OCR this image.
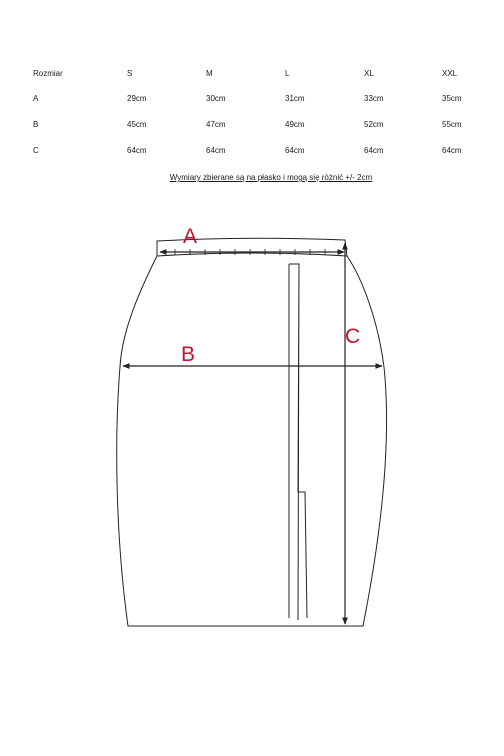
Rozmiar	S	M	L	XL	XXL
A	29cm	30cm	31cm	33cm	35cm
B	45cm	47cm	49cm	52cm	55cm
C	64cm	64cm	64cm	64cm	64cm
Wymiary zbierane są na płasko i mogą się różnić +/- 2cm
A
B
C
